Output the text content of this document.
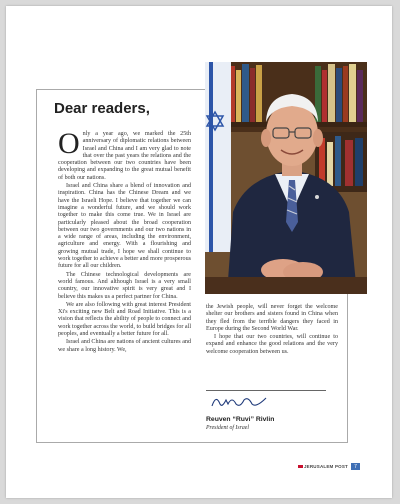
Dear readers,

Only a year ago, we marked the 25th anniversary of diplomatic relations between Israel and China and I am very glad to note that over the past years the relations and the cooperation between our two countries have been developing and expanding to the great mutual benefit of both our nations.

Israel and China share a blend of innovation and inspiration. China has the Chinese Dream and we have the Israeli Hope. I believe that together we can imagine a wonderful future, and we should work together to make this come true. We in Israel are particularly pleased about the broad cooperation between our two governments and our two nations in a wide range of areas, including the environment, agriculture and energy. With a flourishing and growing mutual trade, I hope we shall continue to work together to achieve a better and more prosperous future for all our children.

The Chinese technological developments are world famous. And although Israel is a very small country, our innovative spirit is very great and I believe this makes us a perfect partner for China.

We are also following with great interest President Xi's exciting new Belt and Road Initiative. This is a vision that reflects the ability of people to connect and work together across the world, to build bridges for all peoples, and eventually a better future for all.

Israel and China are nations of ancient cultures and we share a long history. We,

the Jewish people, will never forget the welcome shelter our brothers and sisters found in China when they fled from the terrible dangers they faced in Europe during the Second World War.

I hope that our two countries, will continue to expand and enhance the good relations and the very welcome cooperation between us.

Reuven “Ruvi” Rivlin
President of Israel
JERUSALEM POST	7
